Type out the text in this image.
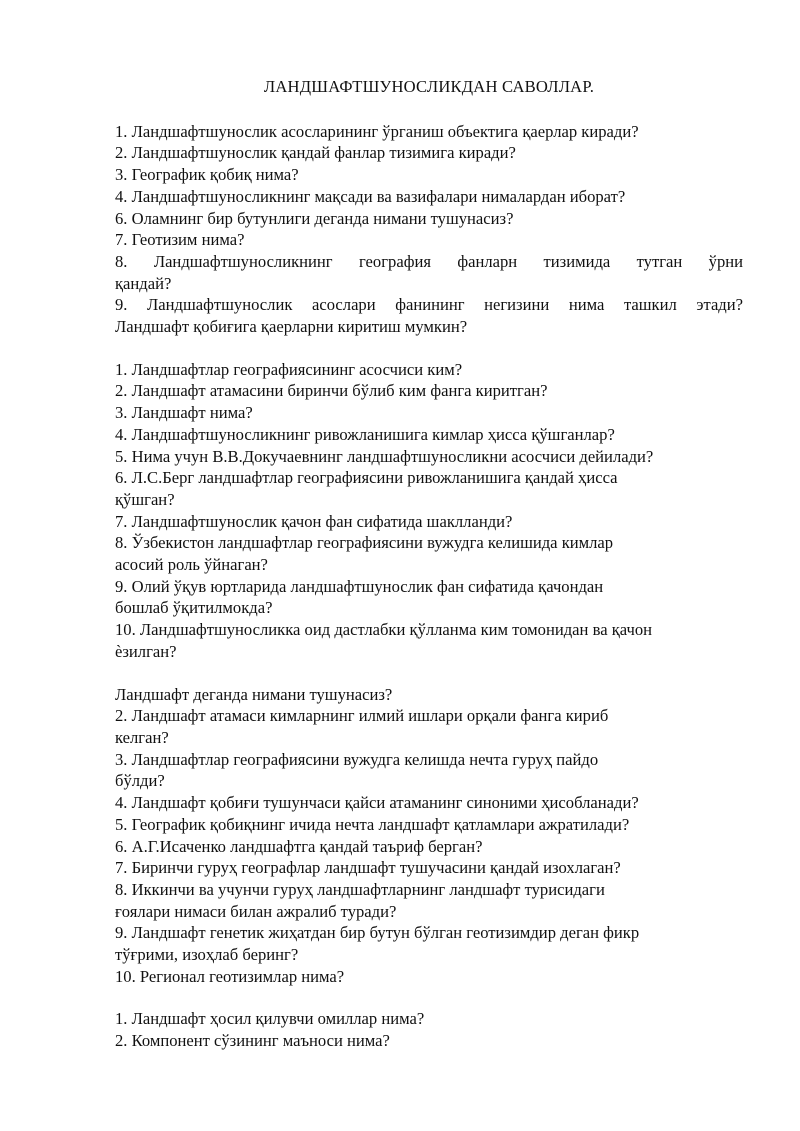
ЛАНДШАФТШУНОСЛИКДАН САВОЛЛАР.

1. Ландшафтшунослик асосларининг ўрганиш объектига қаерлар киради?

2. Ландшафтшунослик қандай фанлар тизимига киради?

3. Географик қобиқ нима?

4. Ландшафтшуносликнинг мақсади ва вазифалари нималардан иборат?

6. Оламнинг бир бутунлиги деганда нимани тушунасиз?

7. Геотизим нима?

8. Ландшафтшуносликнинг география фанларн тизимида тутган ўрни

қандай?

9. Ландшафтшунослик асослари фанининг негизини нима ташкил этади?

Ландшафт қобиғига қаерларни киритиш мумкин?

1. Ландшафтлар географиясининг асосчиси ким?

2. Ландшафт атамасини биринчи бўлиб ким фанга киритган?

3. Ландшафт нима?

4. Ландшафтшуносликнинг ривожланишига кимлар ҳисса қўшганлар?

5. Нима учун В.В.Докучаевнинг ландшафтшуносликни асосчиси дейилади?

6. Л.С.Берг ландшафтлар географиясини ривожланишига қандай ҳисса

қўшган?

7. Ландшафтшунослик қачон фан сифатида шаклланди?

8. Ўзбекистон ландшафтлар географиясини вужудга келишида кимлар

асосий роль ўйнаган?

9. Олий ўқув юртларида ландшафтшунослик фан сифатида қачондан

бошлаб ўқитилмокда?

10. Ландшафтшуносликка оид дастлабки қўлланма ким томонидан ва қачон

ѐзилган?

Ландшафт деганда нимани тушунасиз?

2. Ландшафт атамаси кимларнинг илмий ишлари орқали фанга кириб

келган?

3. Ландшафтлар географиясини вужудга келишда нечта гуруҳ пайдо

бўлди?

4. Ландшафт қобиғи тушунчаси қайси атаманинг синоними ҳисобланади?

5. Географик қобиқнинг ичида нечта ландшафт қатламлари ажратилади?

6. А.Г.Исаченко ландшафтга қандай таъриф берган?

7. Биринчи гуруҳ географлар ландшафт тушучасини қандай изохлаган?

8. Иккинчи ва учунчи гуруҳ ландшафтларнинг ландшафт турисидаги

ғоялари нимаси билан ажралиб туради?

9. Ландшафт генетик жиҳатдан бир бутун бўлган геотизимдир деган фикр

тўғрими, изоҳлаб беринг?

10. Регионал геотизимлар нима?

1. Ландшафт ҳосил қилувчи омиллар нима?

2. Компонент сўзининг маъноси нима?
